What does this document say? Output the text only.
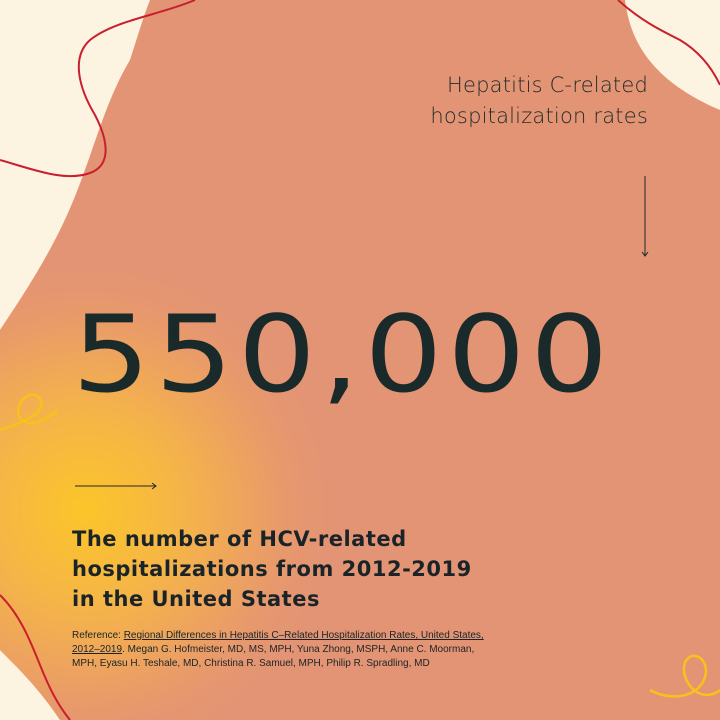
Hepatitis C-related hospitalization rates
550,000
The number of HCV-related hospitalizations from 2012-2019 in the United States
Reference: Regional Differences in Hepatitis C–Related Hospitalization Rates, United States, 2012–2019. Megan G. Hofmeister, MD, MS, MPH, Yuna Zhong, MSPH, Anne C. Moorman, MPH, Eyasu H. Teshale, MD, Christina R. Samuel, MPH, Philip R. Spradling, MD
